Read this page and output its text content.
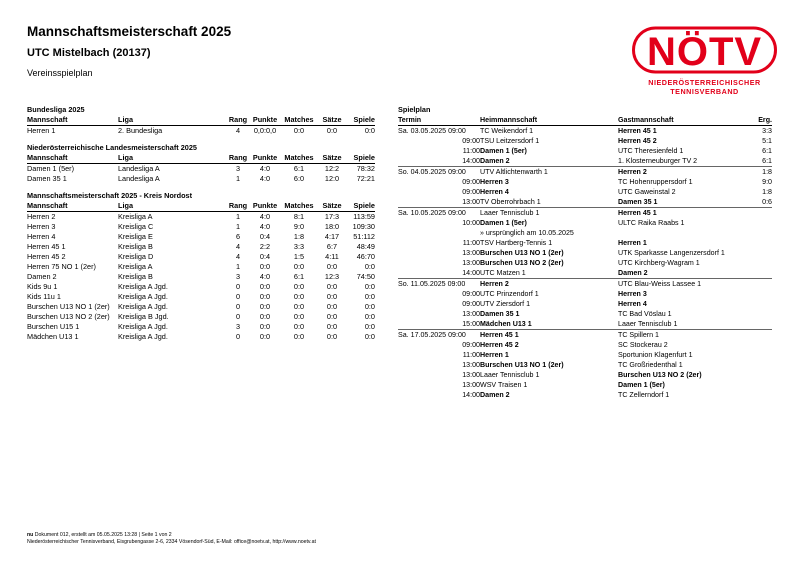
Mannschaftsmeisterschaft 2025
UTC Mistelbach (20137)
Vereinsspielplan	NÖTV
NIEDERÖSTERREICHISCHER
TENNISVERBAND
Bundesliga 2025
Mannschaft	Liga	Rang	Punkte	Matches	Sätze	Spiele
Herren 1	2. Bundesliga	4	0,0:0,0	0:0	0:0	0:0
Niederösterreichische Landesmeisterschaft 2025
Mannschaft	Liga	Rang	Punkte	Matches	Sätze	Spiele
Damen 1 (5er)	Landesliga A	3	4:0	6:1	12:2	78:32
Damen 35 1	Landesliga A	1	4:0	6:0	12:0	72:21
Mannschaftsmeisterschaft 2025 - Kreis Nordost
Mannschaft	Liga	Rang	Punkte	Matches	Sätze	Spiele
Herren 2	Kreisliga A	1	4:0	8:1	17:3	113:59
Herren 3	Kreisliga C	1	4:0	9:0	18:0	109:30
Herren 4	Kreisliga E	6	0:4	1:8	4:17	51:112
Herren 45 1	Kreisliga B	4	2:2	3:3	6:7	48:49
Herren 45 2	Kreisliga D	4	0:4	1:5	4:11	46:70
Herren 75 NO 1 (2er)	Kreisliga A	1	0:0	0:0	0:0	0:0
Damen 2	Kreisliga B	3	4:0	6:1	12:3	74:50
Kids 9u 1	Kreisliga A Jgd.	0	0:0	0:0	0:0	0:0
Kids 11u 1	Kreisliga A Jgd.	0	0:0	0:0	0:0	0:0
Burschen U13 NO 1 (2er)	Kreisliga A Jgd.	0	0:0	0:0	0:0	0:0
Burschen U13 NO 2 (2er)	Kreisliga B Jgd.	0	0:0	0:0	0:0	0:0
Burschen U15 1	Kreisliga A Jgd.	3	0:0	0:0	0:0	0:0
Mädchen U13 1	Kreisliga A Jgd.	0	0:0	0:0	0:0	0:0
Spielplan
Termin	Heimmannschaft	Gastmannschaft	Erg.
Sa. 03.05.2025 09:00	TC Weikendorf 1	Herren 45 1	3:3
09:00	TSU Leitzersdorf 1	Herren 45 2	5:1
11:00	Damen 1 (5er)	UTC Theresienfeld 1	6:1
14:00	Damen 2	1. Klosterneuburger TV 2	6:1
So. 04.05.2025 09:00	UTV Altlichtenwarth 1	Herren 2	1:8
09:00	Herren 3	TC Hohenruppersdorf 1	9:0
09:00	Herren 4	UTC Gaweinstal 2	1:8
13:00	TV Oberrohrbach 1	Damen 35 1	0:6
Sa. 10.05.2025 09:00	Laaer Tennisclub 1	Herren 45 1	
10:00	Damen 1 (5er)	ULTC Raika Raabs 1	
	» ursprünglich am 10.05.2025		
11:00	TSV Hartberg-Tennis 1	Herren 1	
13:00	Burschen U13 NO 1 (2er)	UTK Sparkasse Langenzersdorf 1	
13:00	Burschen U13 NO 2 (2er)	UTC Kirchberg-Wagram 1	
14:00	UTC Matzen 1	Damen 2	
So. 11.05.2025 09:00	Herren 2	UTC Blau-Weiss Lassee 1	
09:00	UTC Prinzendorf 1	Herren 3	
09:00	UTV Ziersdorf 1	Herren 4	
13:00	Damen 35 1	TC Bad Vöslau 1	
15:00	Mädchen U13 1	Laaer Tennisclub 1	
Sa. 17.05.2025 09:00	Herren 45 1	TC Spillern 1	
09:00	Herren 45 2	SC Stockerau 2	
11:00	Herren 1	Sportunion Klagenfurt 1	
13:00	Burschen U13 NO 1 (2er)	TC Großriedenthal 1	
13:00	Laaer Tennisclub 1	Burschen U13 NO 2 (2er)	
13:00	WSV Traisen 1	Damen 1 (5er)	
14:00	Damen 2	TC Zellerndorf 1	
nu Dokument 012, erstellt am 05.05.2025 13:28 | Seite 1 von 2
Niederösterreichischer Tennisverband, Eisgrubengasse 2-6, 2334 Vösendorf-Süd, E-Mail: office@noetv.at, http://www.noetv.at
